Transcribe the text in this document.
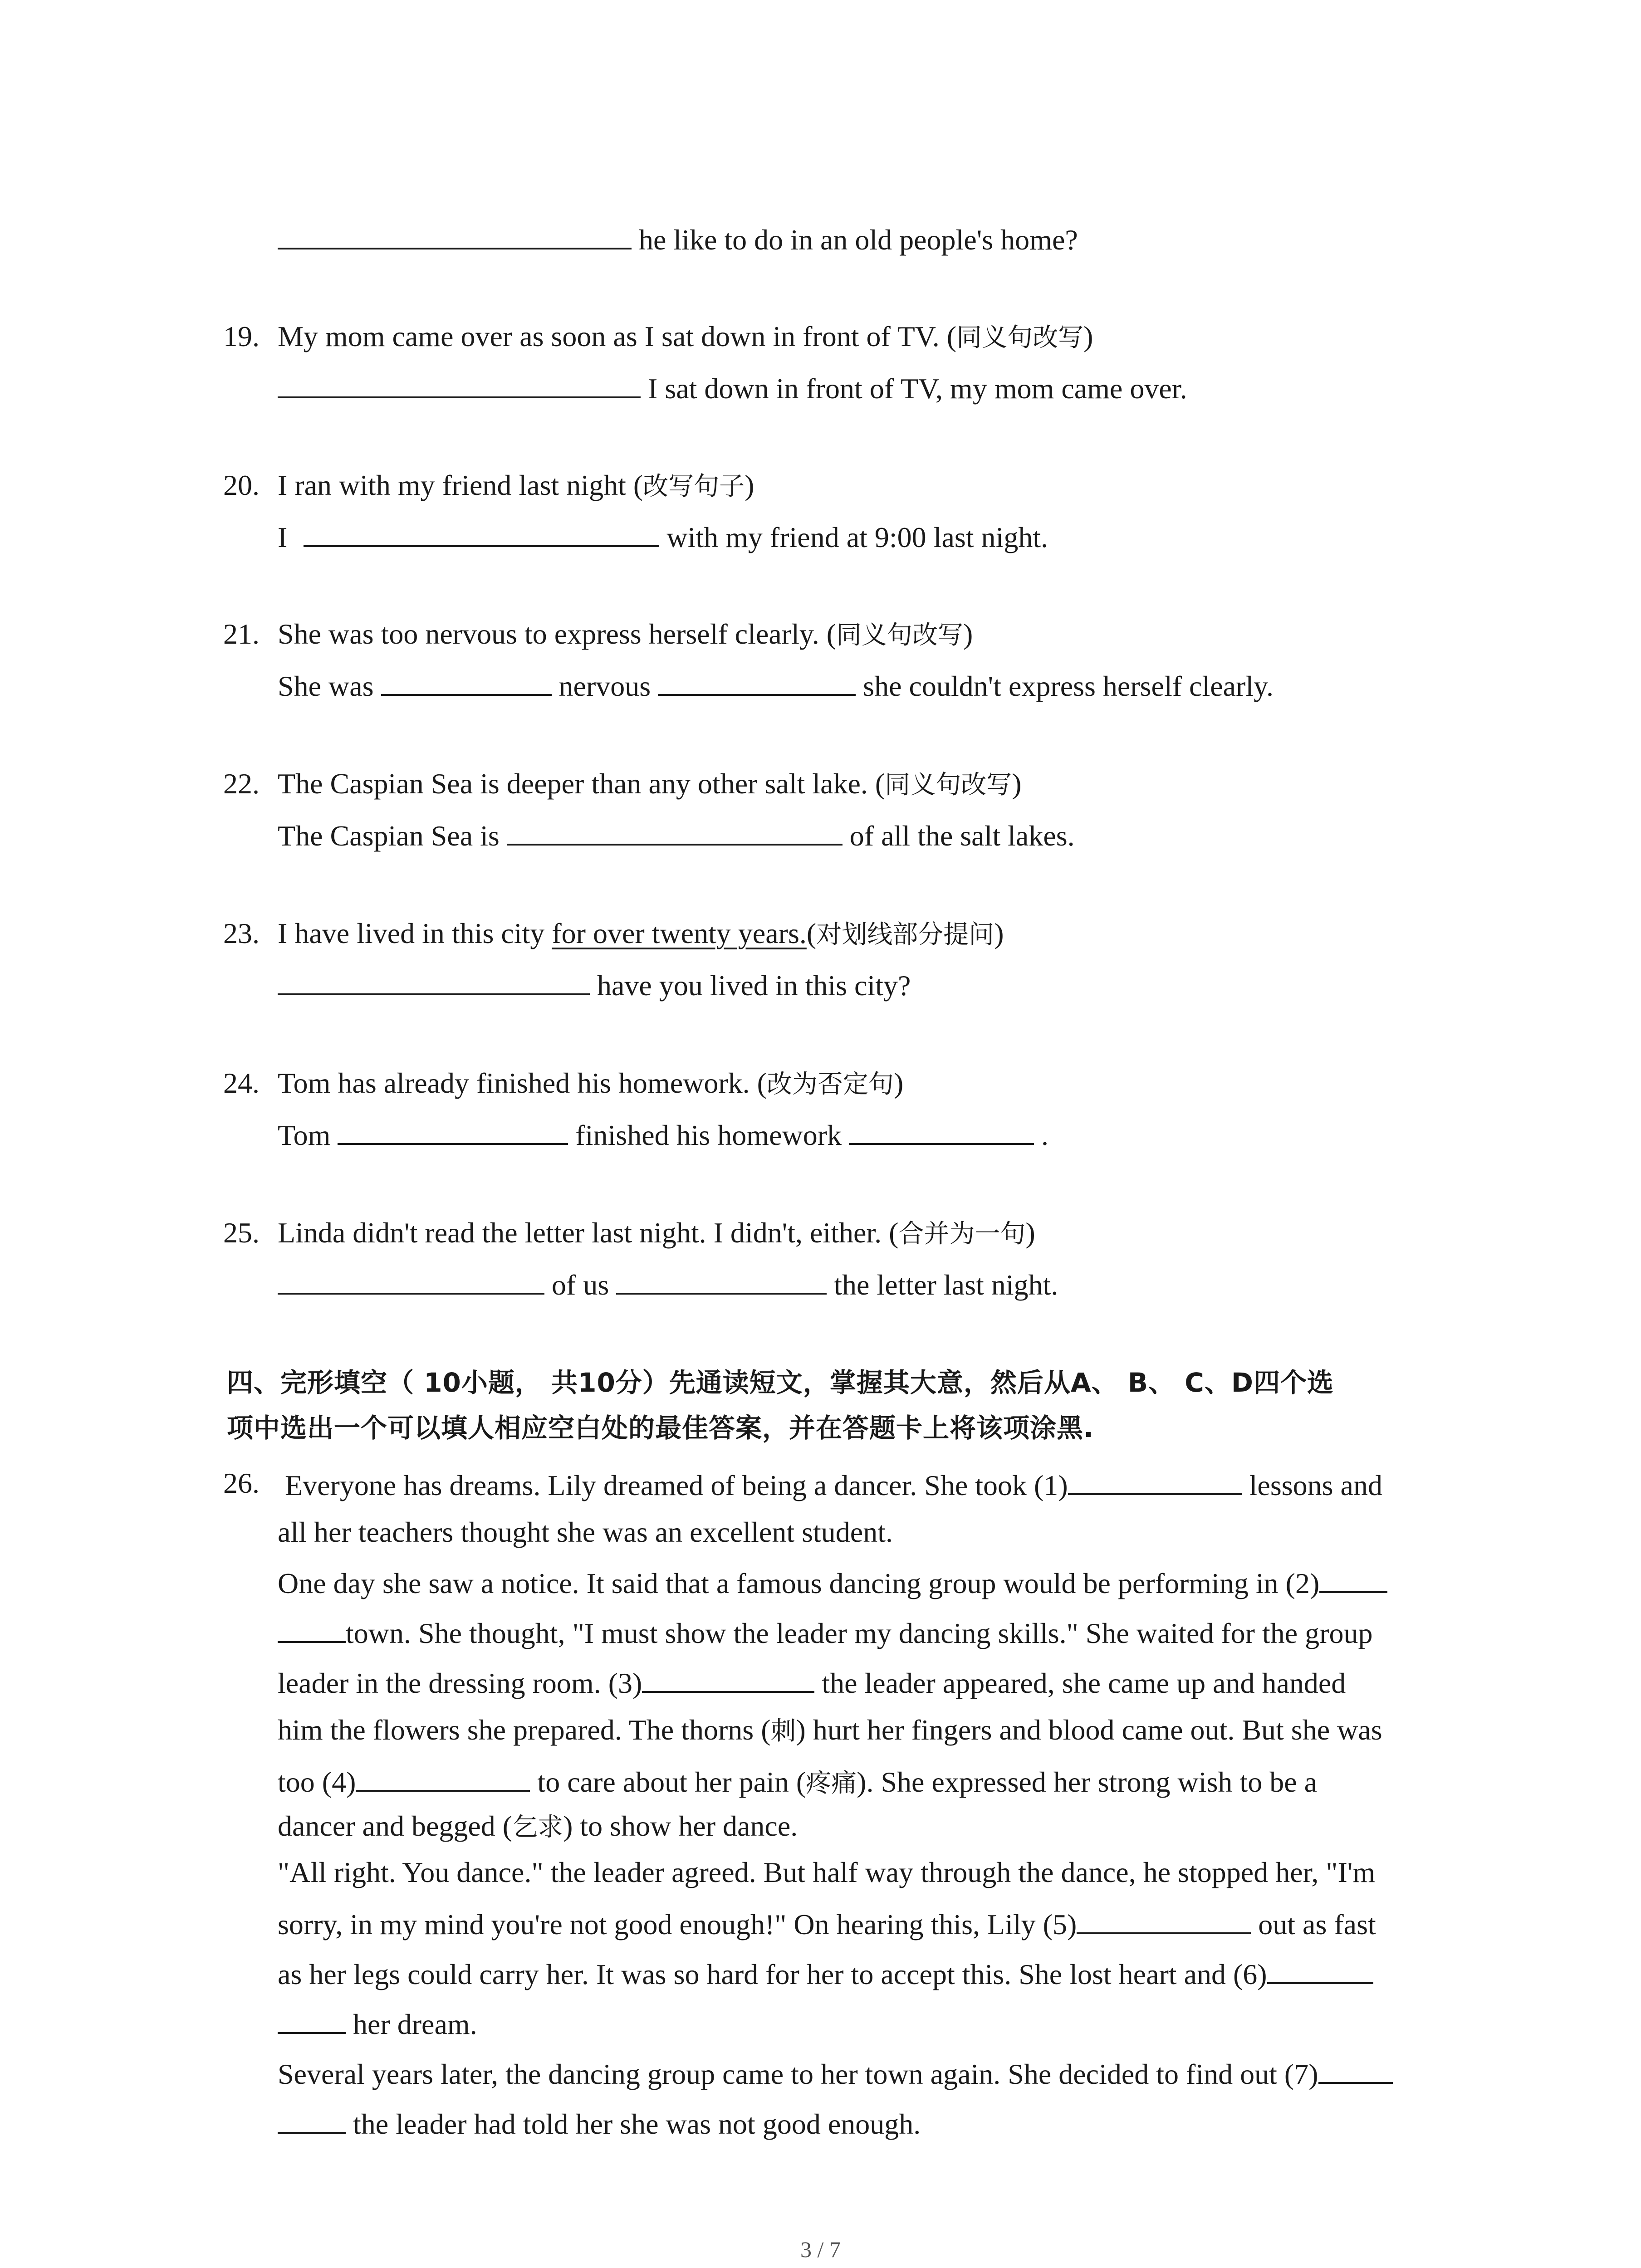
he like to do in an old people's home?
19. My mom came over as soon as I sat down in front of TV. (同义句改写)
I sat down in front of TV, my mom came over.
20. I ran with my friend last night (改写句子)
I	with my friend at 9:00 last night.
21. She was too nervous to express herself clearly. (同义句改写)
She was	nervous	she couldn't express herself clearly.
22. The Caspian Sea is deeper than any other salt lake. (同义句改写)
The Caspian Sea is	of all the salt lakes.
23. I have lived in this city for over twenty years.(对划线部分提问)
have you lived in this city?
24. Tom has already finished his homework. (改为否定句)
Tom	finished his homework	.
25. Linda didn't read the letter last night. I didn't, either. (合并为一句)
of us	the letter last night.
四、完形填空（ 10小题， 共10分）先通读短文，掌握其大意，然后从A、 B、 C、D四个选
项中选出一个可以填人相应空白处的最佳答案，并在答题卡上将该项涂黑.
26. Everyone has dreams. Lily dreamed of being a dancer. She took (1)	lessons and
all her teachers thought she was an excellent student.
One day she saw a notice. It said that a famous dancing group would be performing in (2)
town. She thought, "I must show the leader my dancing skills." She waited for the group
leader in the dressing room. (3)	the leader appeared, she came up and handed
him the flowers she prepared. The thorns (刺) hurt her fingers and blood came out. But she was
too (4)	to care about her pain (疼痛). She expressed her strong wish to be a
dancer and begged (乞求) to show her dance.
"All right. You dance." the leader agreed. But half way through the dance, he stopped her, "I'm
sorry, in my mind you're not good enough!" On hearing this, Lily (5)	out as fast
as her legs could carry her. It was so hard for her to accept this. She lost heart and (6)
her dream.
Several years later, the dancing group came to her town again. She decided to find out (7)
the leader had told her she was not good enough.
3 / 7
